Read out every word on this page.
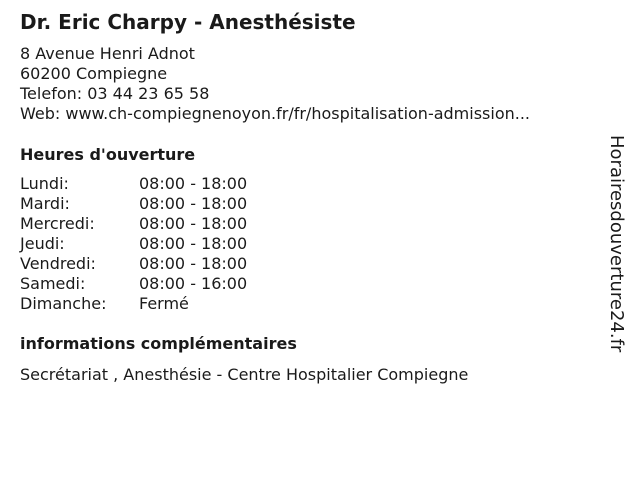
Dr. Eric Charpy - Anesthésiste
8 Avenue Henri Adnot
60200 Compiegne
Telefon: 03 44 23 65 58
Web: www.ch-compiegnenoyon.fr/fr/hospitalisation-admission...
Heures d'ouverture
Lundi:	08:00 - 18:00
Mardi:	08:00 - 18:00
Mercredi:	08:00 - 18:00
Jeudi:	08:00 - 18:00
Vendredi:	08:00 - 18:00
Samedi:	08:00 - 16:00
Dimanche: Fermé
informations complémentaires
Secrétariat , Anesthésie - Centre Hospitalier Compiegne
Horairesdouverture24.fr
